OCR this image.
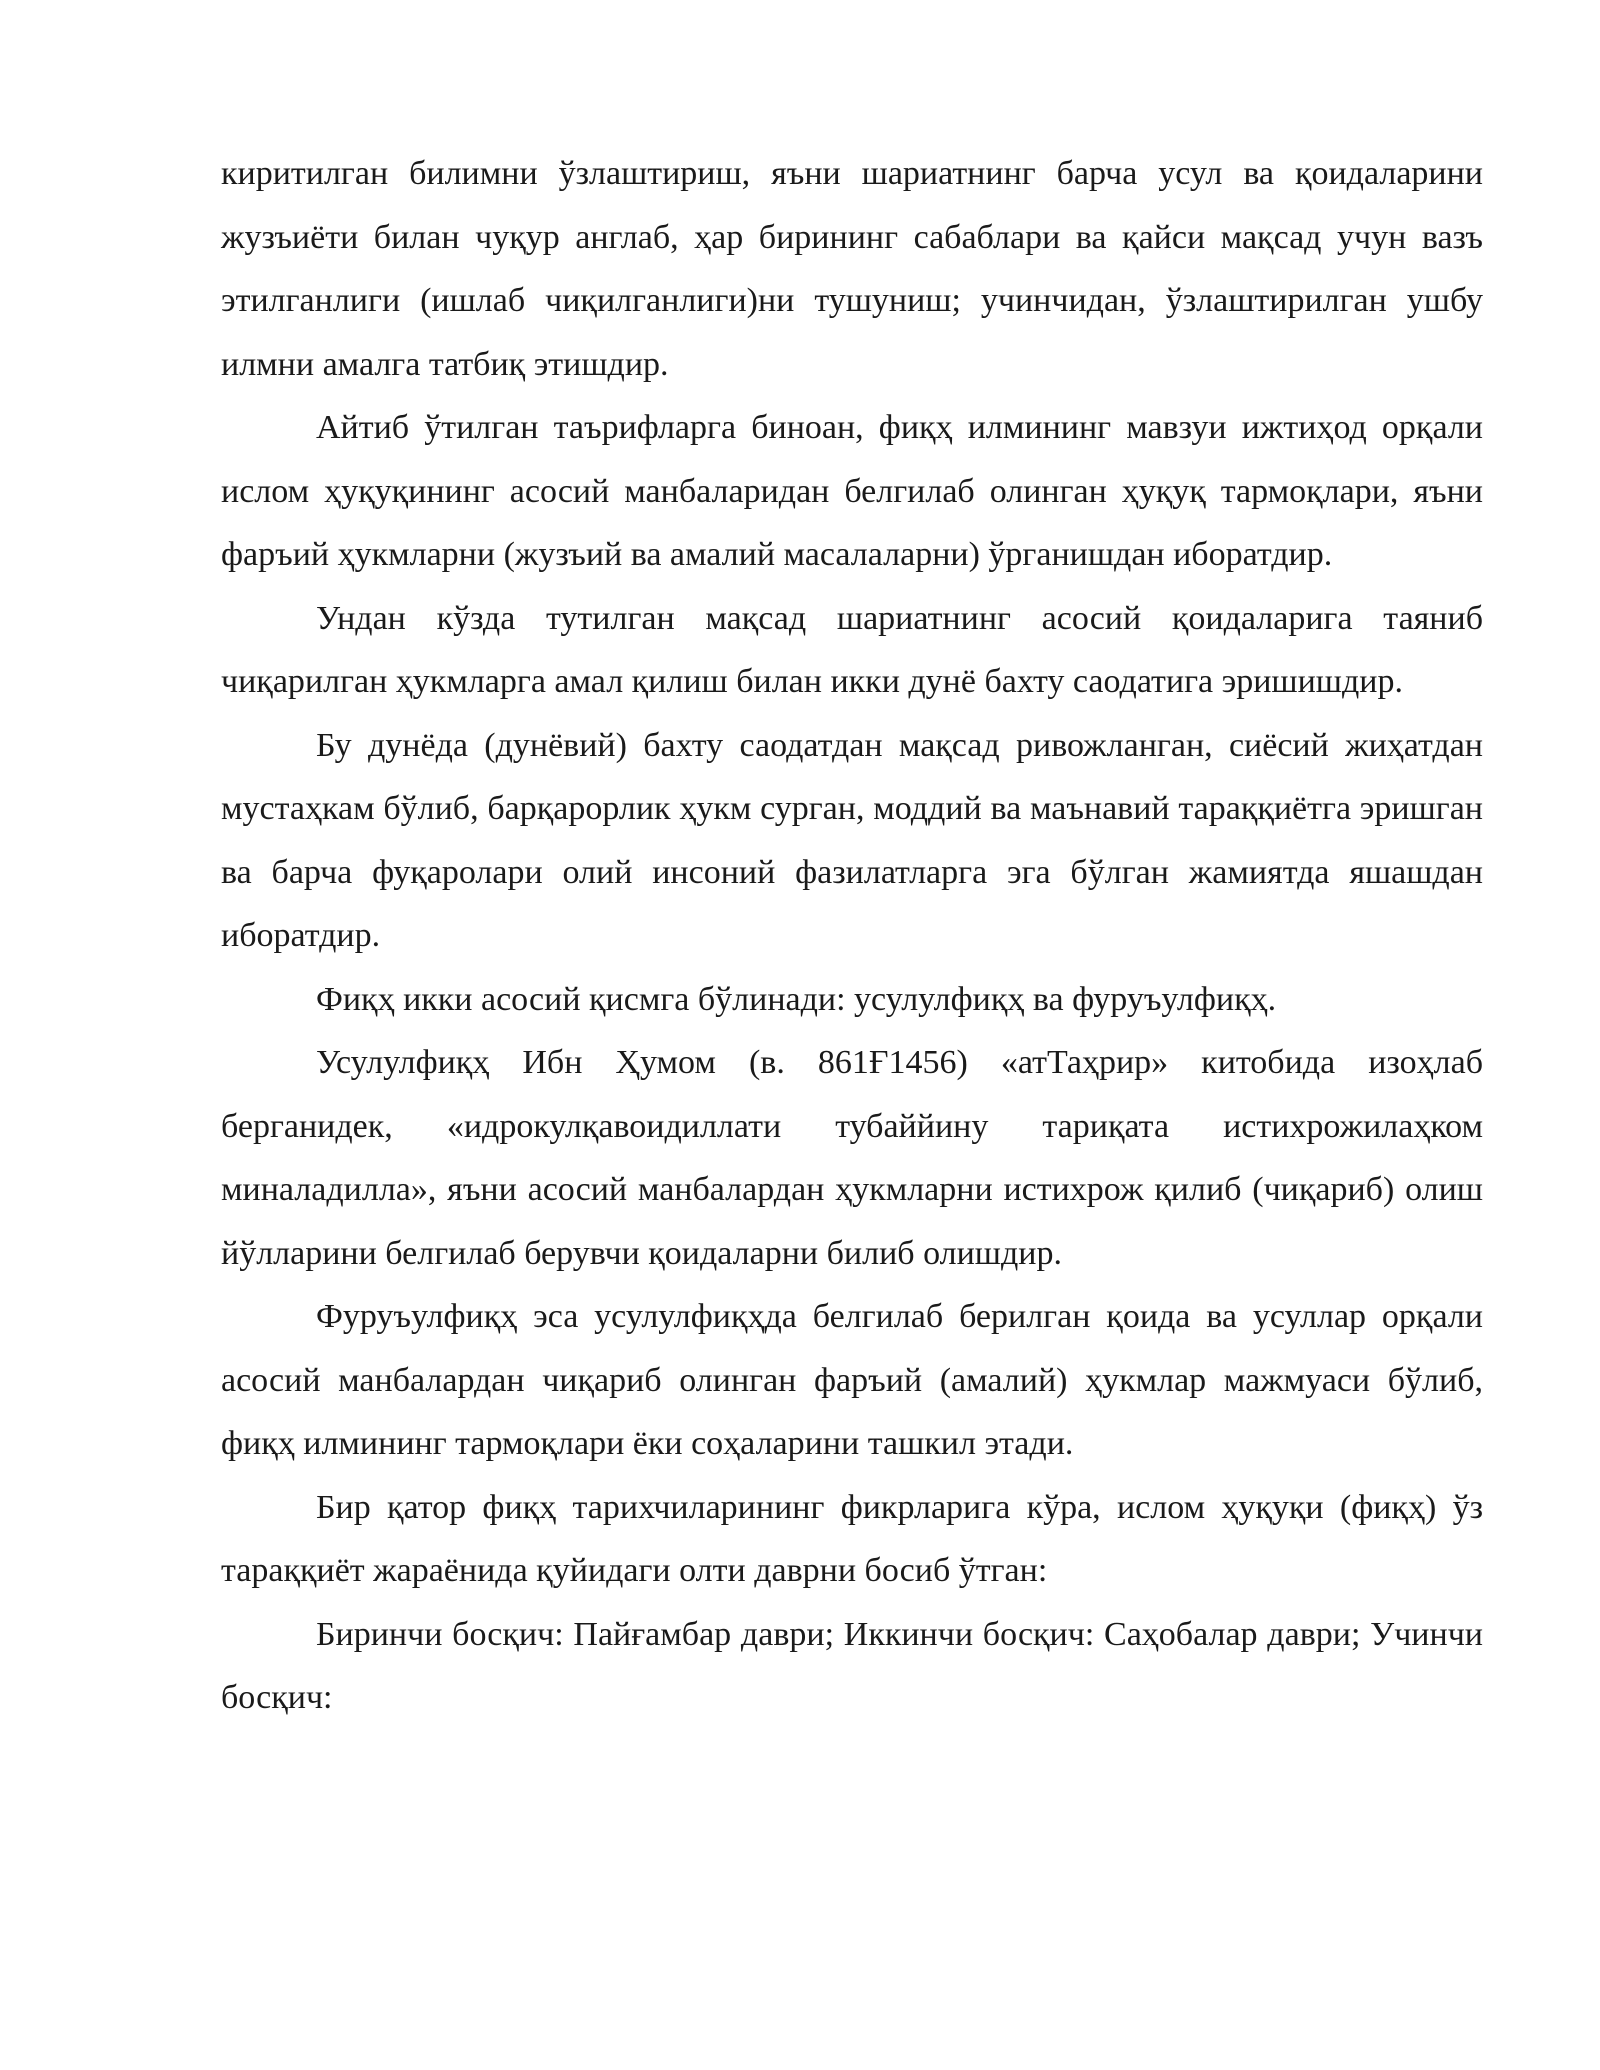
киритилган билимни ўзлаштириш, яъни шариатнинг барча усул ва қоидаларини жузъиёти билан чуқур англаб, ҳар бирининг сабаблари ва қайси мақсад учун вазъ этилганлиги (ишлаб чиқилганлиги)ни тушуниш; учинчидан, ўзлаштирилган ушбу илмни амалга татбиқ этишдир.

Айтиб ўтилган таърифларга биноан, фиқҳ илмининг мавзуи ижтиҳод орқали ислом ҳуқуқининг асосий манбаларидан белгилаб олинган ҳуқуқ тармоқлари, яъни фаръий ҳукмларни (жузъий ва амалий масалаларни) ўрганишдан иборатдир.

Ундан кўзда тутилган мақсад шариатнинг асосий қоидаларига таяниб чиқарилган ҳукмларга амал қилиш билан икки дунё бахту саодатига эришишдир.

Бу дунёда (дунёвий) бахту саодатдан мақсад ривожланган, сиёсий жиҳатдан мустаҳкам бўлиб, барқарорлик ҳукм сурган, моддий ва маънавий тараққиётга эришган ва барча фуқаролари олий инсоний фазилатларга эга бўлган жамиятда яшашдан иборатдир.

Фиқҳ икки асосий қисмга бўлинади: усулулфиқҳ ва фуруъулфиқҳ.

Усулулфиқҳ Ибн Ҳумом (в. 861Ғ1456) «атТаҳрир» китобида изоҳлаб берганидек, «идрокулқавоидиллати тубаййину тариқата истихрожилаҳком миналадилла», яъни асосий манбалардан ҳукмларни истихрож қилиб (чиқариб) олиш йўлларини белгилаб берувчи қоидаларни билиб олишдир.

Фуруъулфиқҳ эса усулулфиқҳда белгилаб берилган қоида ва усуллар орқали асосий манбалардан чиқариб олинган фаръий (амалий) ҳукмлар мажмуаси бўлиб, фиқҳ илмининг тармоқлари ёки соҳаларини ташкил этади.

Бир қатор фиқҳ тарихчиларининг фикрларига кўра, ислом ҳуқуқи (фиқҳ) ўз тараққиёт жараёнида қуйидаги олти даврни босиб ўтган:

Биринчи босқич: Пайғамбар даври; Иккинчи босқич: Саҳобалар даври; Учинчи босқич:
